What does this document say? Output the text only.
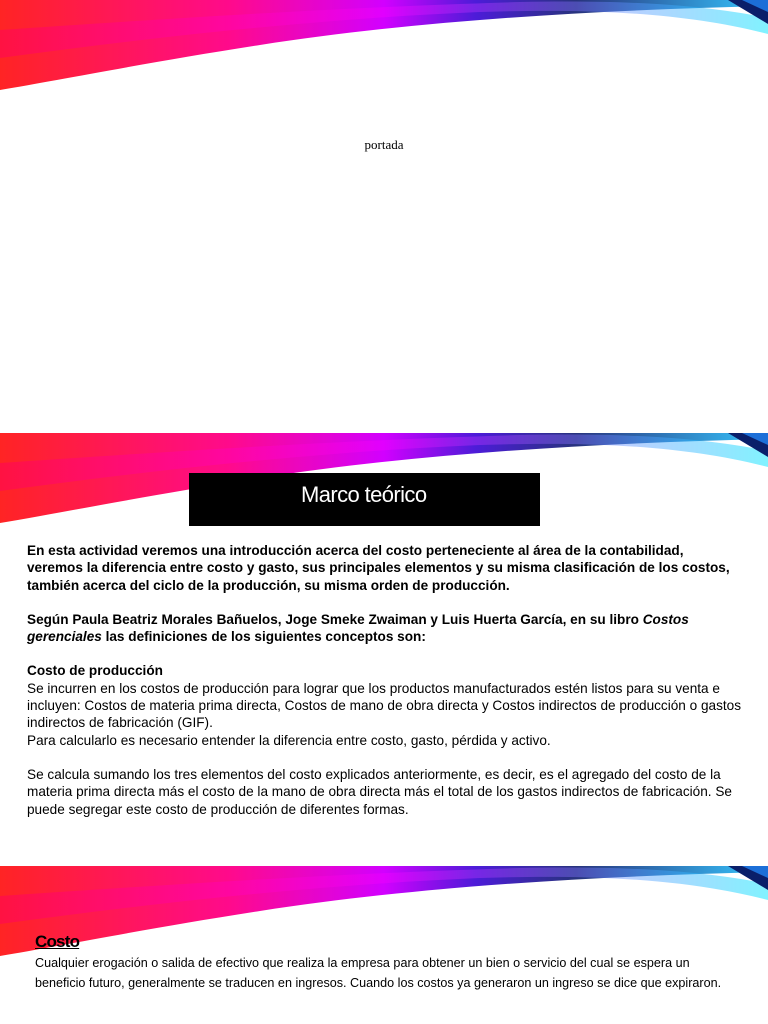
portada
Marco teórico

En esta actividad veremos una introducción acerca del costo perteneciente al área de la contabilidad, veremos la diferencia entre costo y gasto, sus principales elementos y su misma clasificación de los costos, también acerca del ciclo de la producción, su misma orden de producción.

Según Paula Beatriz Morales Bañuelos, Joge Smeke Zwaiman y Luis Huerta García, en su libro Costos gerenciales las definiciones de los siguientes conceptos son:

Costo de producción

Se incurren en los costos de producción para lograr que los productos manufacturados estén listos para su venta e incluyen: Costos de materia prima directa, Costos de mano de obra directa y Costos indirectos de producción o gastos indirectos de fabricación (GIF).

Para calcularlo es necesario entender la diferencia entre costo, gasto, pérdida y activo.

Se calcula sumando los tres elementos del costo explicados anteriormente, es decir, es el agregado del costo de la materia prima directa más el costo de la mano de obra directa más el total de los gastos indirectos de fabricación. Se puede segregar este costo de producción de diferentes formas.

Costo
Cualquier erogación o salida de efectivo que realiza la empresa para obtener un bien o servicio del cual se espera un beneficio futuro, generalmente se traducen en ingresos. Cuando los costos ya generaron un ingreso se dice que expiraron.
